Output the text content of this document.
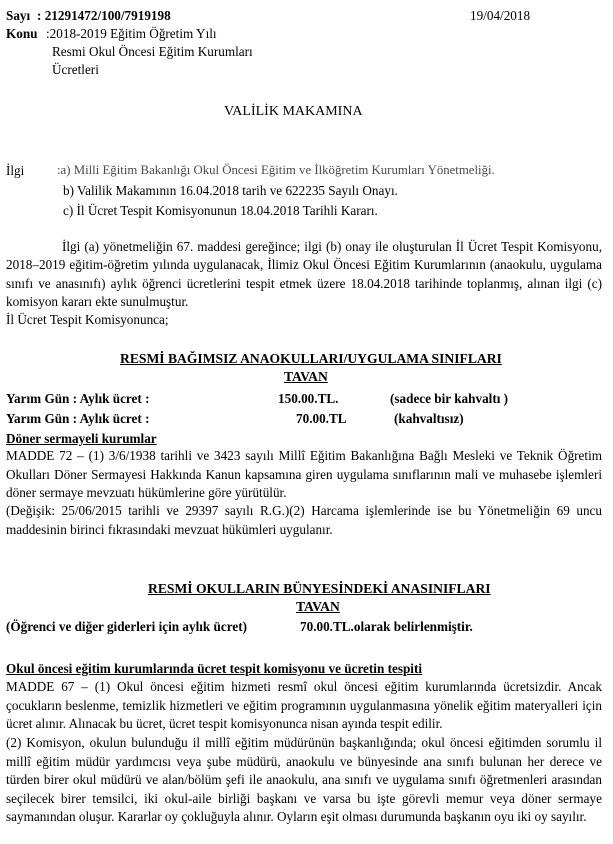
Sayı : 21291472/100/7919198	19/04/2018
Konu :2018-2019 Eğitim Öğretim Yılı
Resmi Okul Öncesi Eğitim Kurumları
Ücretleri
VALİLİK MAKAMINA
İlgi	:a) Milli Eğitim Bakanlığı Okul Öncesi Eğitim ve İlköğretim Kurumları Yönetmeliği.
b) Valilik Makamının 16.04.2018 tarih ve 622235 Sayılı Onayı.
c) İl Ücret Tespit Komisyonunun 18.04.2018 Tarihli Kararı.
İlgi (a) yönetmeliğin 67. maddesi gereğince; ilgi (b) onay ile oluşturulan İl Ücret Tespit Komisyonu, 2018–2019 eğitim-öğretim yılında uygulanacak, İlimiz Okul Öncesi Eğitim Kurumlarının (anaokulu, uygulama sınıfı ve anasınıfı) aylık öğrenci ücretlerini tespit etmek üzere 18.04.2018 tarihinde toplanmış, alınan ilgi (c) komisyon kararı ekte sunulmuştur.
İl Ücret Tespit Komisyonunca;
RESMİ BAĞIMSIZ ANAOKULLARI/UYGULAMA SINIFLARI
TAVAN
Yarım Gün : Aylık ücret :	150.00.TL.	(sadece bir kahvaltı )
Yarım Gün : Aylık ücret :	70.00.TL	(kahvaltısız)
Döner sermayeli kurumlar
MADDE 72 – (1) 3/6/1938 tarihli ve 3423 sayılı Millî Eğitim Bakanlığına Bağlı Mesleki ve Teknik Öğretim Okulları Döner Sermayesi Hakkında Kanun kapsamına giren uygulama sınıflarının mali ve muhasebe işlemleri döner sermaye mevzuatı hükümlerine göre yürütülür.
(Değişik: 25/06/2015 tarihli ve 29397 sayılı R.G.)(2) Harcama işlemlerinde ise bu Yönetmeliğin 69 uncu maddesinin birinci fıkrasındaki mevzuat hükümleri uygulanır.
RESMİ OKULLARIN BÜNYESİNDEKİ ANASINIFLARI
TAVAN
(Öğrenci ve diğer giderleri için aylık ücret)	70.00.TL.olarak belirlenmiştir.
Okul öncesi eğitim kurumlarında ücret tespit komisyonu ve ücretin tespiti
MADDE 67 – (1) Okul öncesi eğitim hizmeti resmî okul öncesi eğitim kurumlarında ücretsizdir. Ancak çocukların beslenme, temizlik hizmetleri ve eğitim programının uygulanmasına yönelik eğitim materyalleri için ücret alınır. Alınacak bu ücret, ücret tespit komisyonunca nisan ayında tespit edilir.
(2) Komisyon, okulun bulunduğu il millî eğitim müdürünün başkanlığında; okul öncesi eğitimden sorumlu il millî eğitim müdür yardımcısı veya şube müdürü, anaokulu ve bünyesinde ana sınıfı bulunan her derece ve türden birer okul müdürü ve alan/bölüm şefi ile anaokulu, ana sınıfı ve uygulama sınıfı öğretmenleri arasından seçilecek birer temsilci, iki okul-aile birliği başkanı ve varsa bu işte görevli memur veya döner sermaye saymanından oluşur. Kararlar oy çokluğuyla alınır. Oyların eşit olması durumunda başkanın oyu iki oy sayılır.
